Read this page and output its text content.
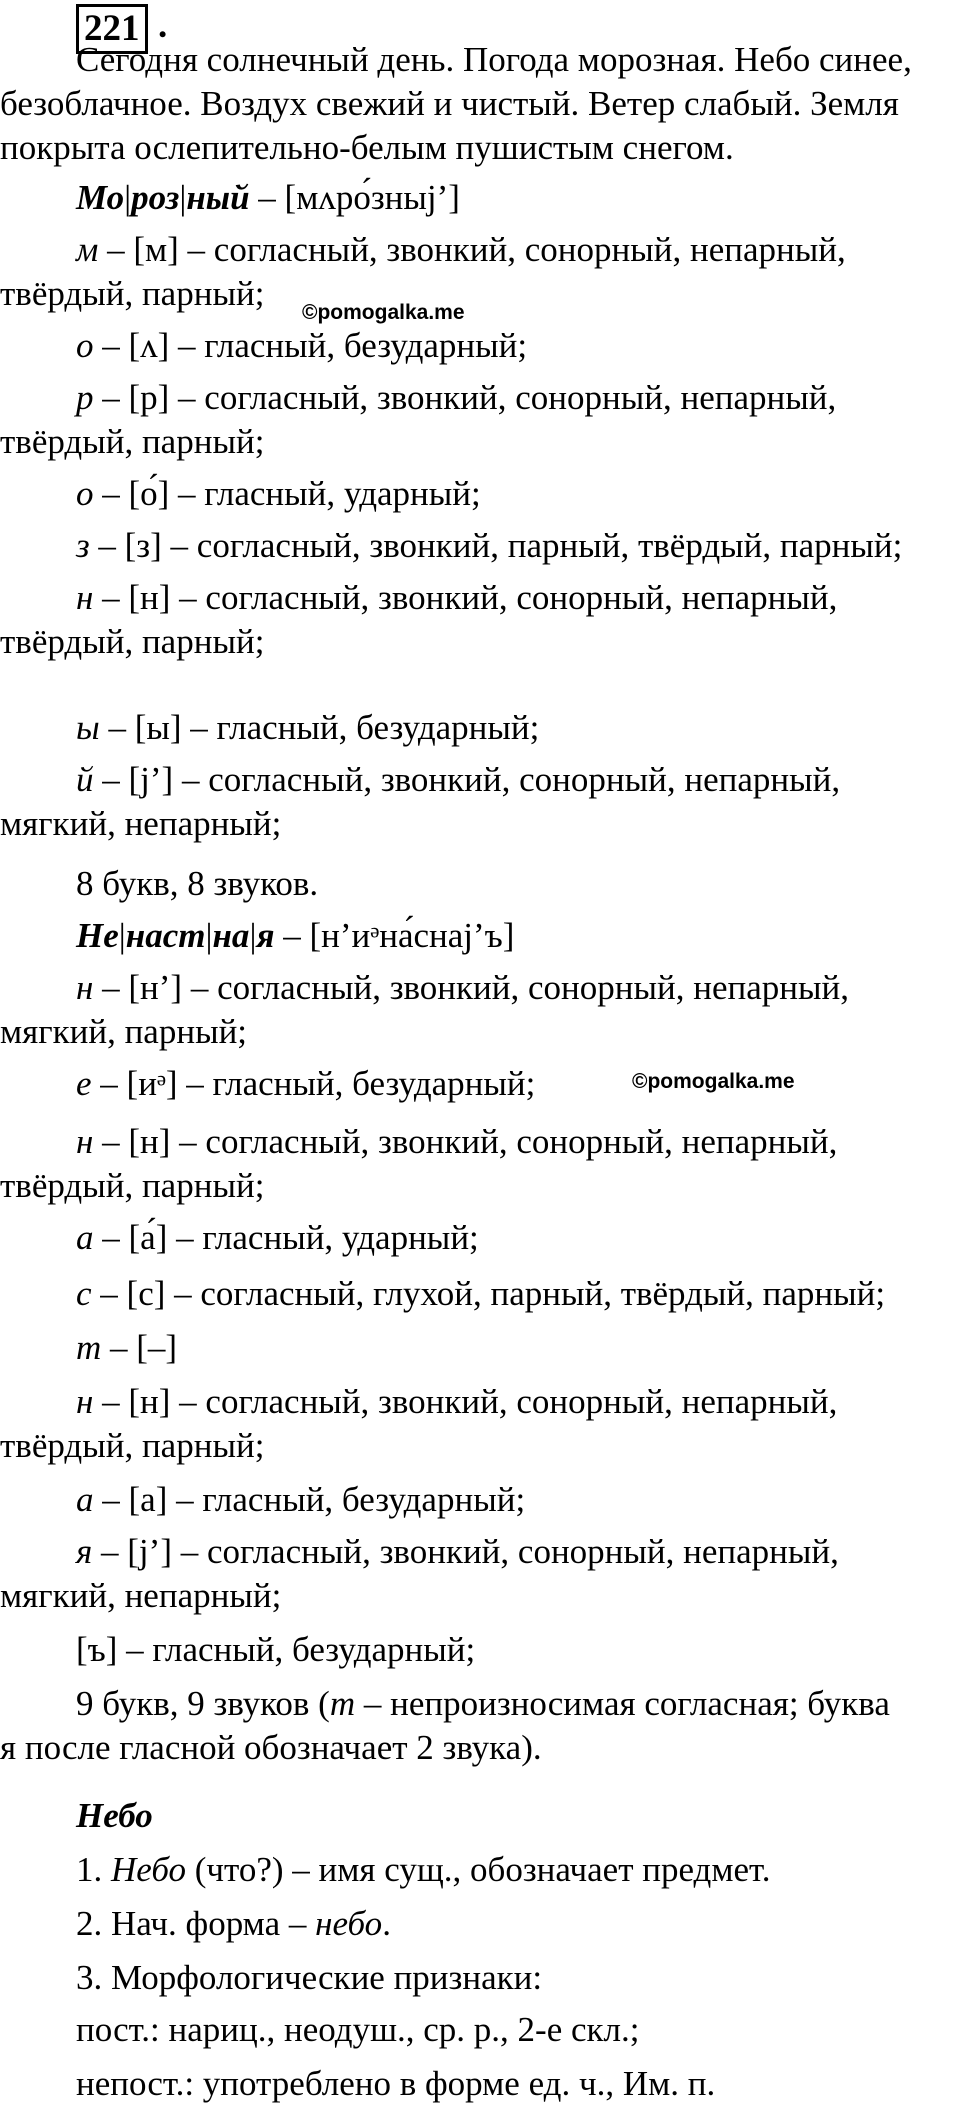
221 .
Сегодня солнечный день. Погода морозная. Небо синее,
безоблачное. Воздух свежий и чистый. Ветер слабый. Земля
покрыта ослепительно-белым пушистым снегом.
Мо|роз|ный – [мʌро́зныj’]
м – [м] – согласный, звонкий, сонорный, непарный,
твёрдый, парный; ©pomogalka.me
о – [ʌ] – гласный, безударный;
р – [р] – согласный, звонкий, сонорный, непарный,
твёрдый, парный;
о – [о́] – гласный, ударный;
з – [з] – согласный, звонкий, парный, твёрдый, парный;
н – [н] – согласный, звонкий, сонорный, непарный,
твёрдый, парный;
ы – [ы] – гласный, безударный;
й – [j’] – согласный, звонкий, сонорный, непарный,
мягкий, непарный;
8 букв, 8 звуков.
Не|наст|на|я – [н’иᵊна́снаj’ъ]
н – [н’] – согласный, звонкий, сонорный, непарный,
мягкий, парный;
е – [иᵊ] – гласный, безударный;	©pomogalka.me
н – [н] – согласный, звонкий, сонорный, непарный,
твёрдый, парный;
а – [а́] – гласный, ударный;
с – [с] – согласный, глухой, парный, твёрдый, парный;
т – [–]
н – [н] – согласный, звонкий, сонорный, непарный,
твёрдый, парный;
а – [а] – гласный, безударный;
я – [j’] – согласный, звонкий, сонорный, непарный,
мягкий, непарный;
[ъ] – гласный, безударный;
9 букв, 9 звуков (т – непроизносимая согласная; буква
я после гласной обозначает 2 звука).
Небо
1. Небо (что?) – имя сущ., обозначает предмет.
2. Нач. форма – небо.
3. Морфологические признаки:
пост.: нариц., неодуш., ср. р., 2-е скл.;
непост.: употреблено в форме ед. ч., Им. п.
